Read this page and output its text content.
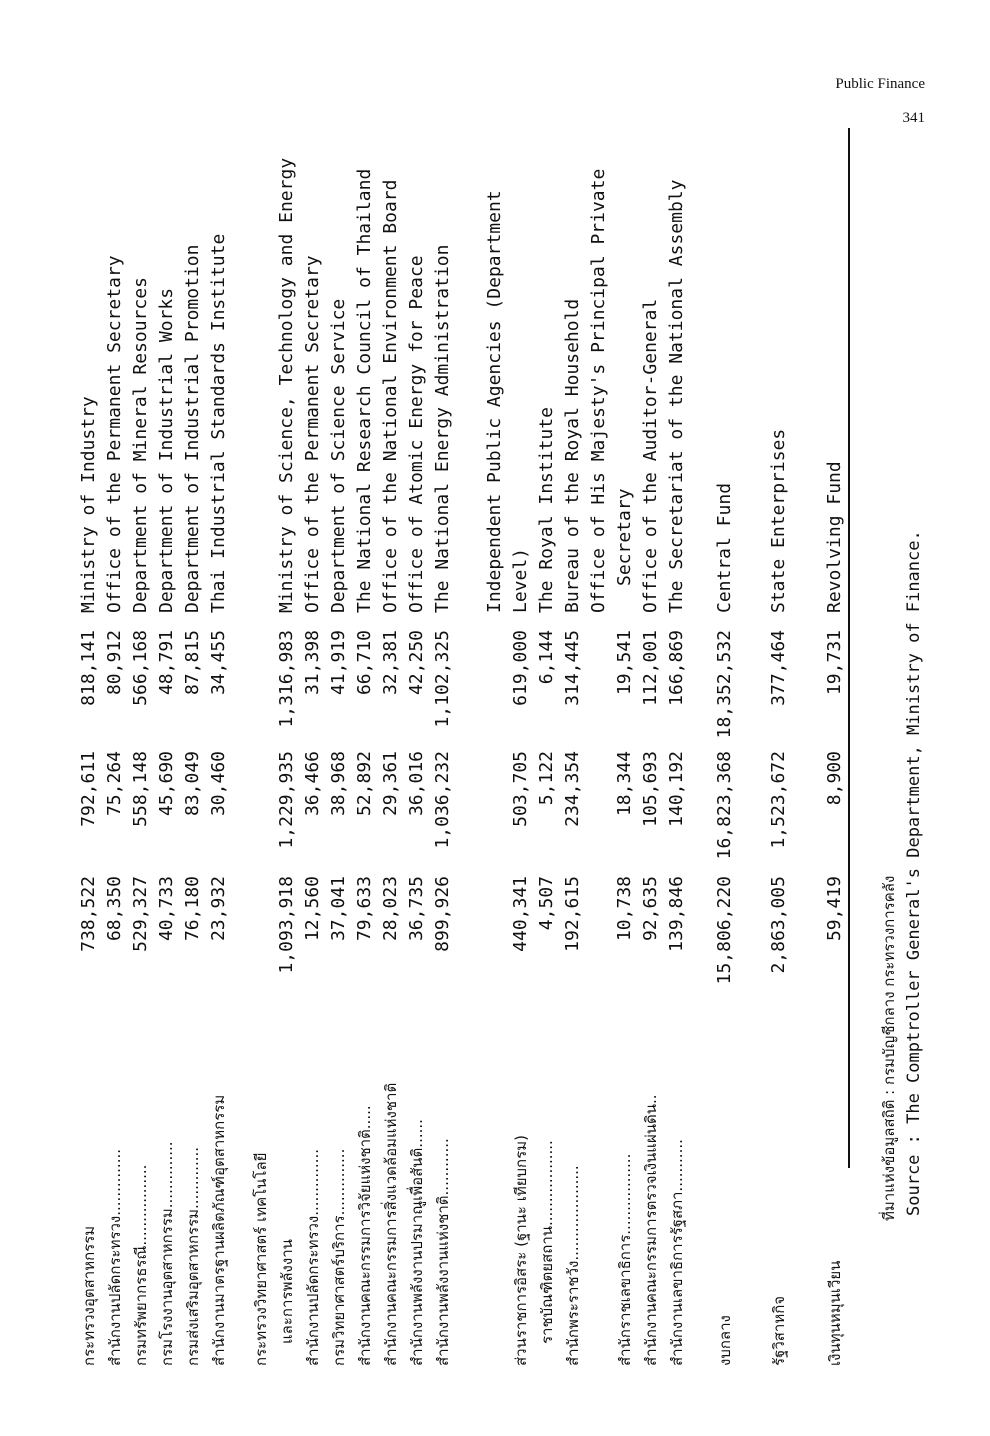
Public Finance
341
กระทรวงอุตสาหกรรม
738,522
792,611
818,141
Ministry of Industry
สำนักงานปลัดกระทรวง..............
68,350
75,264
80,912
Office of the Permanent Secretary
กรมทรัพยากรธรณี.................
529,327
558,148
566,168
Department of Mineral Resources
กรมโรงงานอุตสาหกรรม..............
40,733
45,690
48,791
Department of Industrial Works
กรมส่งเสริมอุตสาหกรรม.............
76,180
83,049
87,815
Department of Industrial Promotion
สำนักงานมาตรฐานผลิตภัณฑ์อุตสาหกรรม
23,932
30,460
34,455
Thai Industrial Standards Institute
กระทรวงวิทยาศาสตร์ เทคโนโลยี และการพลังงาน
1,093,918
1,229,935
1,316,983
Ministry of Science, Technology and Energy
สำนักงานปลัดกระทรวง..............
12,560
36,466
31,398
Office of the Permanent Secretary
กรมวิทยาศาสตร์บริการ..............
37,041
38,968
41,919
Department of Science Service
สำนักงานคณะกรรมการวิจัยแห่งชาติ.....
79,633
52,892
66,710
The National Research Council of Thailand
สำนักงานคณะกรรมการสิ่งแวดล้อมแห่งชาติ
28,023
29,361
32,381
Office of the National Environment Board
สำนักงานพลังงานปรมาณูเพื่อสันติ......
36,735
36,016
42,250
Office of Atomic Energy for Peace
สำนักงานพลังงานแห่งชาติ............
899,926
1,036,232
1,102,325
The National Energy Administration Independent Public Agencies (Department
ส่วนราชการอิสระ (ฐานะ เทียบกรม)
440,341
503,705
619,000
Level)
ราชบัณฑิตยสถาน..................
4,507
5,122
6,144
The Royal Institute
สำนักพระราชวัง....................
192,615
234,354
314,445
Bureau of the Royal Household Office of His Majesty's Principal Private
สำนักราชเลขาธิการ.................
10,738
18,344
19,541
Secretary
สำนักงานคณะกรรมการตรวจเงินแผ่นดิน..
92,635
105,693
112,001
Office of the Auditor-General
สำนักงานเลขาธิการรัฐสภา...........
139,846
140,192
166,869
The Secretariat of the National Assembly
งบกลาง
15,806,220
16,823,368
18,352,532
Central Fund
รัฐวิสาหกิจ
2,863,005
1,523,672
377,464
State Enterprises
เงินทุนหมุนเวียน
59,419
8,900
19,731
Revolving Fund
ที่มาแห่งข้อมูลสถิติ : กรมบัญชีกลาง กระทรวงการคลัง Source : The Comptroller General's Department, Ministry of Finance.
